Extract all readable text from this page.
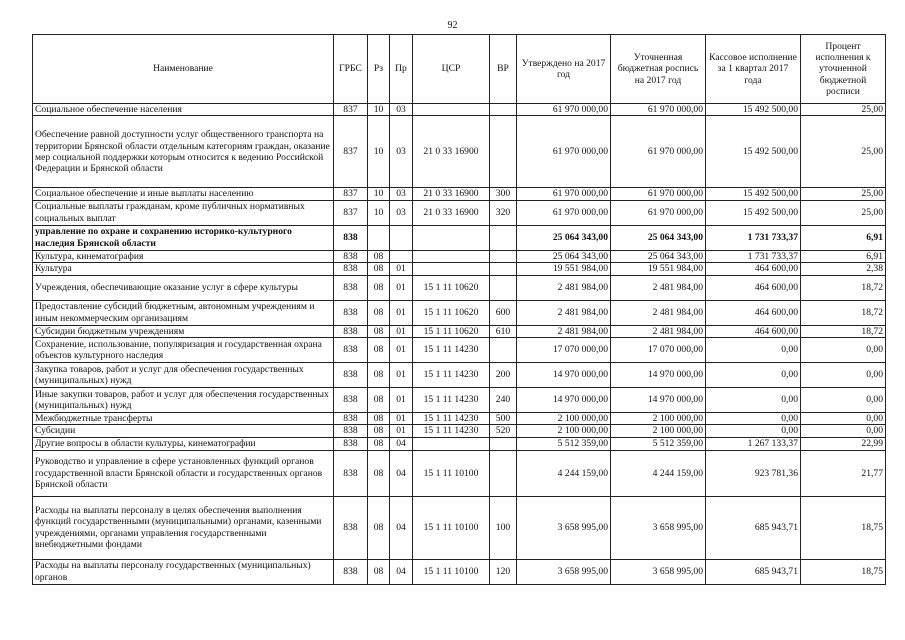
92
Наименование	ГРБС	Рз	Пр	ЦСР	ВР	Утверждено на 2017 год	Уточненная бюджетная роспись на 2017 год	Кассовое исполнение за 1 квартал 2017 года	Процент исполнения к уточненной бюджетной росписи
Социальное обеспечение населения	837	10	03			61 970 000,00	61 970 000,00	15 492 500,00	25,00
Обеспечение равной доступности услуг общественного транспорта на территории Брянской области отдельным категориям граждан, оказание мер социальной поддержки которым относится к ведению Российской Федерации и Брянской области	837	10	03	21 0 33 16900		61 970 000,00	61 970 000,00	15 492 500,00	25,00
Социальное обеспечение и иные выплаты населению	837	10	03	21 0 33 16900	300	61 970 000,00	61 970 000,00	15 492 500,00	25,00
Социальные выплаты гражданам, кроме публичных нормативных социальных выплат	837	10	03	21 0 33 16900	320	61 970 000,00	61 970 000,00	15 492 500,00	25,00
управление по охране и сохранению историко-культурного наследия Брянской области	838					25 064 343,00	25 064 343,00	1 731 733,37	6,91
Культура, кинематография	838	08				25 064 343,00	25 064 343,00	1 731 733,37	6,91
Культура	838	08	01			19 551 984,00	19 551 984,00	464 600,00	2,38
Учреждения, обеспечивающие оказание услуг в сфере культуры	838	08	01	15 1 11 10620		2 481 984,00	2 481 984,00	464 600,00	18,72
Предоставление субсидий бюджетным, автономным учреждениям и иным некоммерческим организациям	838	08	01	15 1 11 10620	600	2 481 984,00	2 481 984,00	464 600,00	18,72
Субсидии бюджетным учреждениям	838	08	01	15 1 11 10620	610	2 481 984,00	2 481 984,00	464 600,00	18,72
Сохранение, использование, популяризация и государственная охрана объектов культурного наследия	838	08	01	15 1 11 14230		17 070 000,00	17 070 000,00	0,00	0,00
Закупка товаров, работ и услуг для обеспечения государственных (муниципальных) нужд	838	08	01	15 1 11 14230	200	14 970 000,00	14 970 000,00	0,00	0,00
Иные закупки товаров, работ и услуг для обеспечения государственных (муниципальных) нужд	838	08	01	15 1 11 14230	240	14 970 000,00	14 970 000,00	0,00	0,00
Межбюджетные трансферты	838	08	01	15 1 11 14230	500	2 100 000,00	2 100 000,00	0,00	0,00
Субсидии	838	08	01	15 1 11 14230	520	2 100 000,00	2 100 000,00	0,00	0,00
Другие вопросы в области культуры, кинематографии	838	08	04			5 512 359,00	5 512 359,00	1 267 133,37	22,99
Руководство и управление в сфере установленных функций органов государственной власти Брянской области и государственных органов Брянской области	838	08	04	15 1 11 10100		4 244 159,00	4 244 159,00	923 781,36	21,77
Расходы на выплаты персоналу в целях обеспечения выполнения функций государственными (муниципальными) органами, казенными учреждениями, органами управления государственными внебюджетными фондами	838	08	04	15 1 11 10100	100	3 658 995,00	3 658 995,00	685 943,71	18,75
Расходы на выплаты персоналу государственных (муниципальных) органов	838	08	04	15 1 11 10100	120	3 658 995,00	3 658 995,00	685 943,71	18,75
